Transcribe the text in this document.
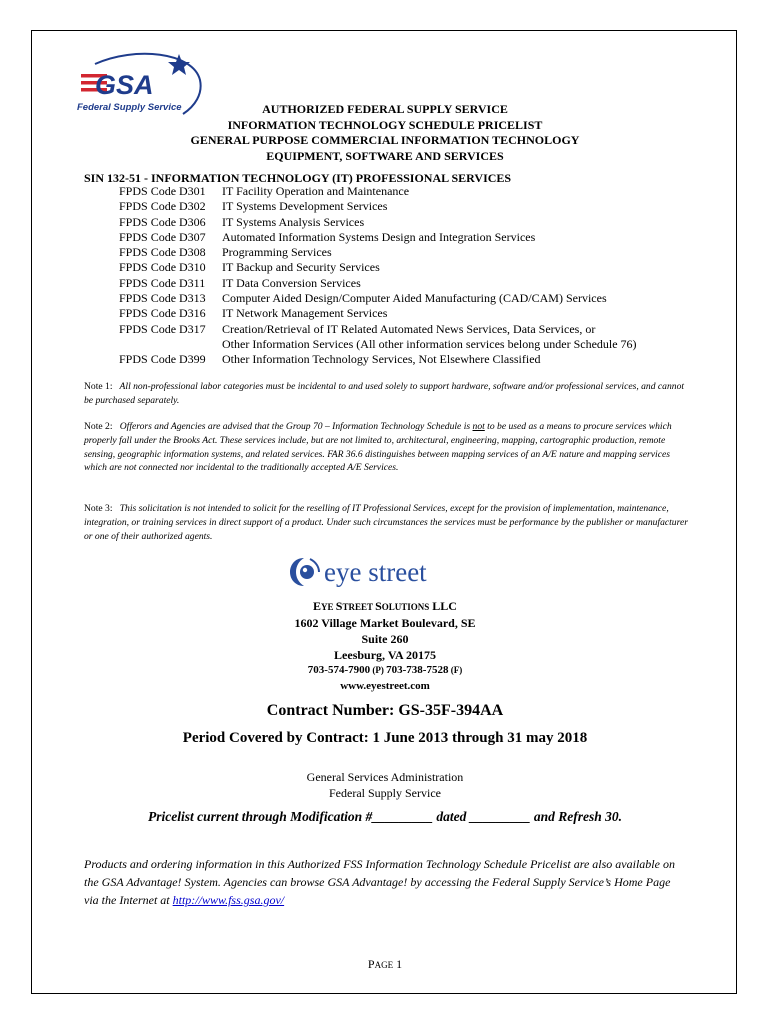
GSA
Federal Supply Service	AUTHORIZED FEDERAL SUPPLY SERVICE
INFORMATION TECHNOLOGY SCHEDULE PRICELIST
GENERAL PURPOSE COMMERCIAL INFORMATION TECHNOLOGY
EQUIPMENT, SOFTWARE AND SERVICES
SIN 132-51 - INFORMATION TECHNOLOGY (IT) PROFESSIONAL SERVICES
FPDS Code D301	IT Facility Operation and Maintenance
FPDS Code D302	IT Systems Development Services
FPDS Code D306	IT Systems Analysis Services
FPDS Code D307	Automated Information Systems Design and Integration Services
FPDS Code D308	Programming Services
FPDS Code D310	IT Backup and Security Services
FPDS Code D311	IT Data Conversion Services
FPDS Code D313	Computer Aided Design/Computer Aided Manufacturing (CAD/CAM) Services
FPDS Code D316	IT Network Management Services
FPDS Code D317	Creation/Retrieval of IT Related Automated News Services, Data Services, or
Other Information Services (All other information services belong under Schedule 76)
FPDS Code D399	Other Information Technology Services, Not Elsewhere Classified
Note 1: All non-professional labor categories must be incidental to and used solely to support hardware, software and/or professional services, and cannot be purchased separately.
Note 2: Offerors and Agencies are advised that the Group 70 – Information Technology Schedule is not to be used as a means to procure services which properly fall under the Brooks Act. These services include, but are not limited to, architectural, engineering, mapping, cartographic production, remote sensing, geographic information systems, and related services. FAR 36.6 distinguishes between mapping services of an A/E nature and mapping services which are not connected nor incidental to the traditionally accepted A/E Services.
Note 3: This solicitation is not intended to solicit for the reselling of IT Professional Services, except for the provision of implementation, maintenance, integration, or training services in direct support of a product. Under such circumstances the services must be performance by the publisher or manufacturer or one of their authorized agents.
eye street
EYE STREET SOLUTIONS LLC
1602 Village Market Boulevard, SE
Suite 260
Leesburg, VA 20175
703-574-7900 (P) 703-738-7528 (F)
www.eyestreet.com
Contract Number: GS-35F-394AA
Period Covered by Contract: 1 June 2013 through 31 may 2018
General Services Administration
Federal Supply Service
Pricelist current through Modification #_________ dated _________ and Refresh 30.
Products and ordering information in this Authorized FSS Information Technology Schedule Pricelist are also available on the GSA Advantage! System. Agencies can browse GSA Advantage! by accessing the Federal Supply Service’s Home Page via the Internet at http://www.fss.gsa.gov/
PAGE 1
